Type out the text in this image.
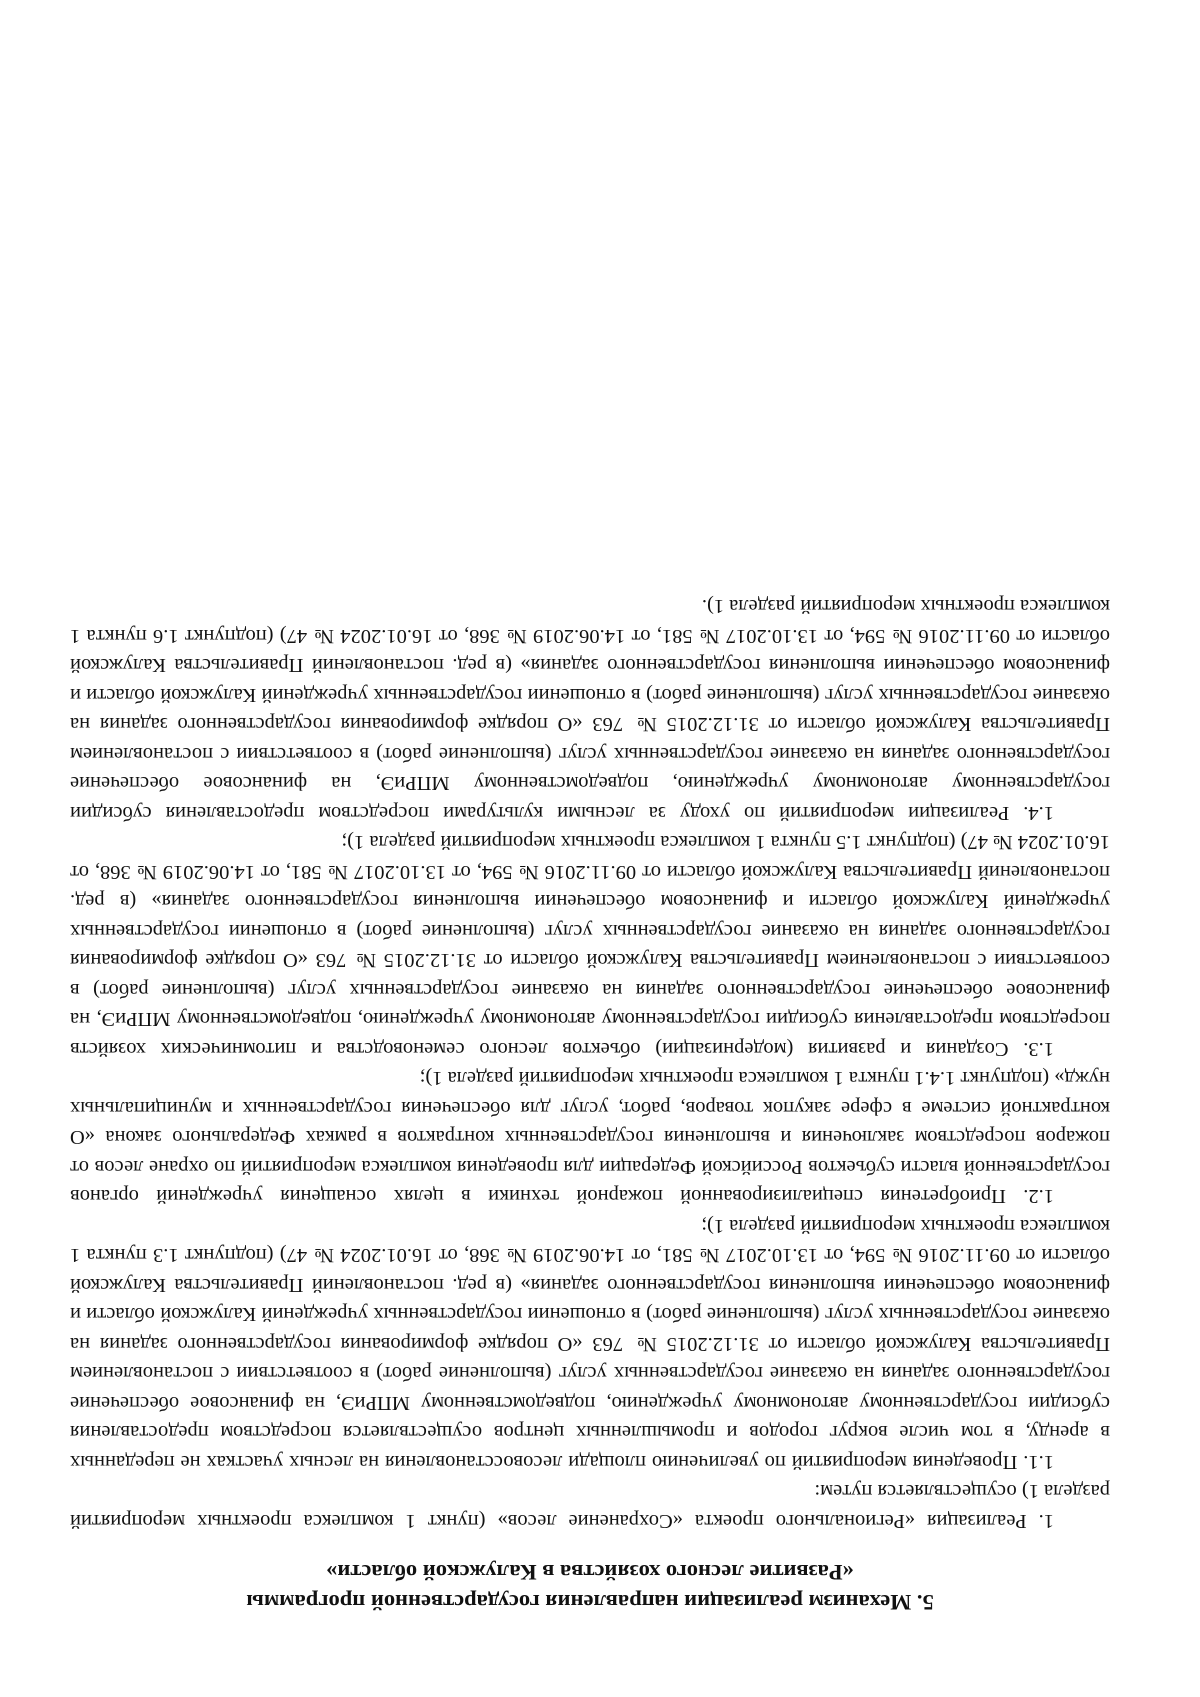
5. Механизм реализации направления государственной программы
«Развитие лесного хозяйства в Калужской области»

1. Реализация «Регионального проекта «Сохранение лесов» (пункт 1 комплекса проектных мероприятий раздела 1) осуществляется путем:

1.1. Проведения мероприятий по увеличению площади лесовосстановления на лесных участках не переданных в аренду, в том числе вокруг городов и промышленных центров осуществляется посредством предоставления субсидии государственному автономному учреждению, подведомственному МПРиЭ, на финансовое обеспечение государственного задания на оказание государственных услуг (выполнение работ) в соответствии с постановлением Правительства Калужской области от 31.12.2015 № 763 «О порядке формирования государственного задания на оказание государственных услуг (выполнение работ) в отношении государственных учреждений Калужской области и финансовом обеспечении выполнения государственного задания» (в ред. постановлений Правительства Калужской области от 09.11.2016 № 594, от 13.10.2017 № 581, от 14.06.2019 № 368, от 16.01.2024 № 47) (подпункт 1.3 пункта 1 комплекса проектных мероприятий раздела 1);

1.2. Приобретения специализированной пожарной техники в целях оснащения учреждений органов государственной власти субъектов Российской Федерации для проведения комплекса мероприятий по охране лесов от пожаров посредством заключения и выполнения государственных контрактов в рамках Федерального закона «О контрактной системе в сфере закупок товаров, работ, услуг для обеспечения государственных и муниципальных нужд» (подпункт 1.4.1 пункта 1 комплекса проектных мероприятий раздела 1);

1.3. Создания и развития (модернизации) объектов лесного семеноводства и питомнических хозяйств посредством предоставления субсидии государственному автономному учреждению, подведомственному МПРиЭ, на финансовое обеспечение государственного задания на оказание государственных услуг (выполнение работ) в соответствии с постановлением Правительства Калужской области от 31.12.2015 № 763 «О порядке формирования государственного задания на оказание государственных услуг (выполнение работ) в отношении государственных учреждений Калужской области и финансовом обеспечении выполнения государственного задания» (в ред. постановлений Правительства Калужской области от 09.11.2016 № 594, от 13.10.2017 № 581, от 14.06.2019 № 368, от 16.01.2024 № 47) (подпункт 1.5 пункта 1 комплекса проектных мероприятий раздела 1);

1.4. Реализации мероприятий по уходу за лесными культурами посредством предоставления субсидии государственному автономному учреждению, подведомственному МПРиЭ, на финансовое обеспечение государственного задания на оказание государственных услуг (выполнение работ) в соответствии с постановлением Правительства Калужской области от 31.12.2015 № 763 «О порядке формирования государственного задания на оказание государственных услуг (выполнение работ) в отношении государственных учреждений Калужской области и финансовом обеспечении выполнения государственного задания» (в ред. постановлений Правительства Калужской области от 09.11.2016 № 594, от 13.10.2017 № 581, от 14.06.2019 № 368, от 16.01.2024 № 47) (подпункт 1.6 пункта 1 комплекса проектных мероприятий раздела 1).
